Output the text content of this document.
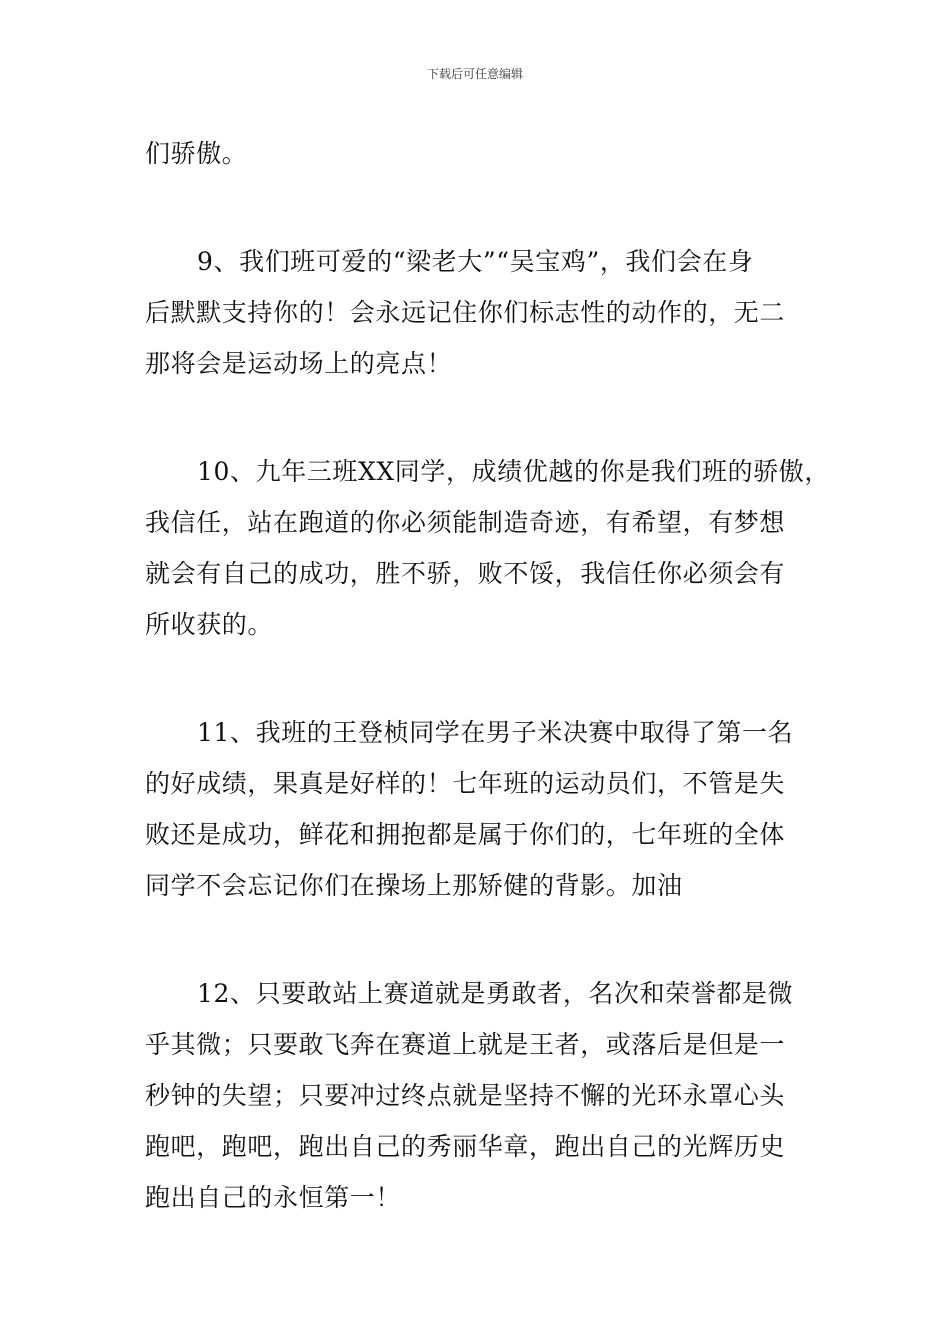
下载后可任意编辑

们骄傲。

9、我们班可爱的“梁老大”“吴宝鸡”，我们会在身
后默默支持你的！会永远记住你们标志性的动作的，无二
那将会是运动场上的亮点！

10、九年三班XX同学，成绩优越的你是我们班的骄傲，
我信任，站在跑道的你必须能制造奇迹，有希望，有梦想
就会有自己的成功，胜不骄，败不馁，我信任你必须会有
所收获的。

11、我班的王登桢同学在男子米决赛中取得了第一名
的好成绩，果真是好样的！七年班的运动员们，不管是失
败还是成功，鲜花和拥抱都是属于你们的，七年班的全体
同学不会忘记你们在操场上那矫健的背影。加油

12、只要敢站上赛道就是勇敢者，名次和荣誉都是微
乎其微；只要敢飞奔在赛道上就是王者，或落后是但是一
秒钟的失望；只要冲过终点就是坚持不懈的光环永罩心头
跑吧，跑吧，跑出自己的秀丽华章，跑出自己的光辉历史
跑出自己的永恒第一！
